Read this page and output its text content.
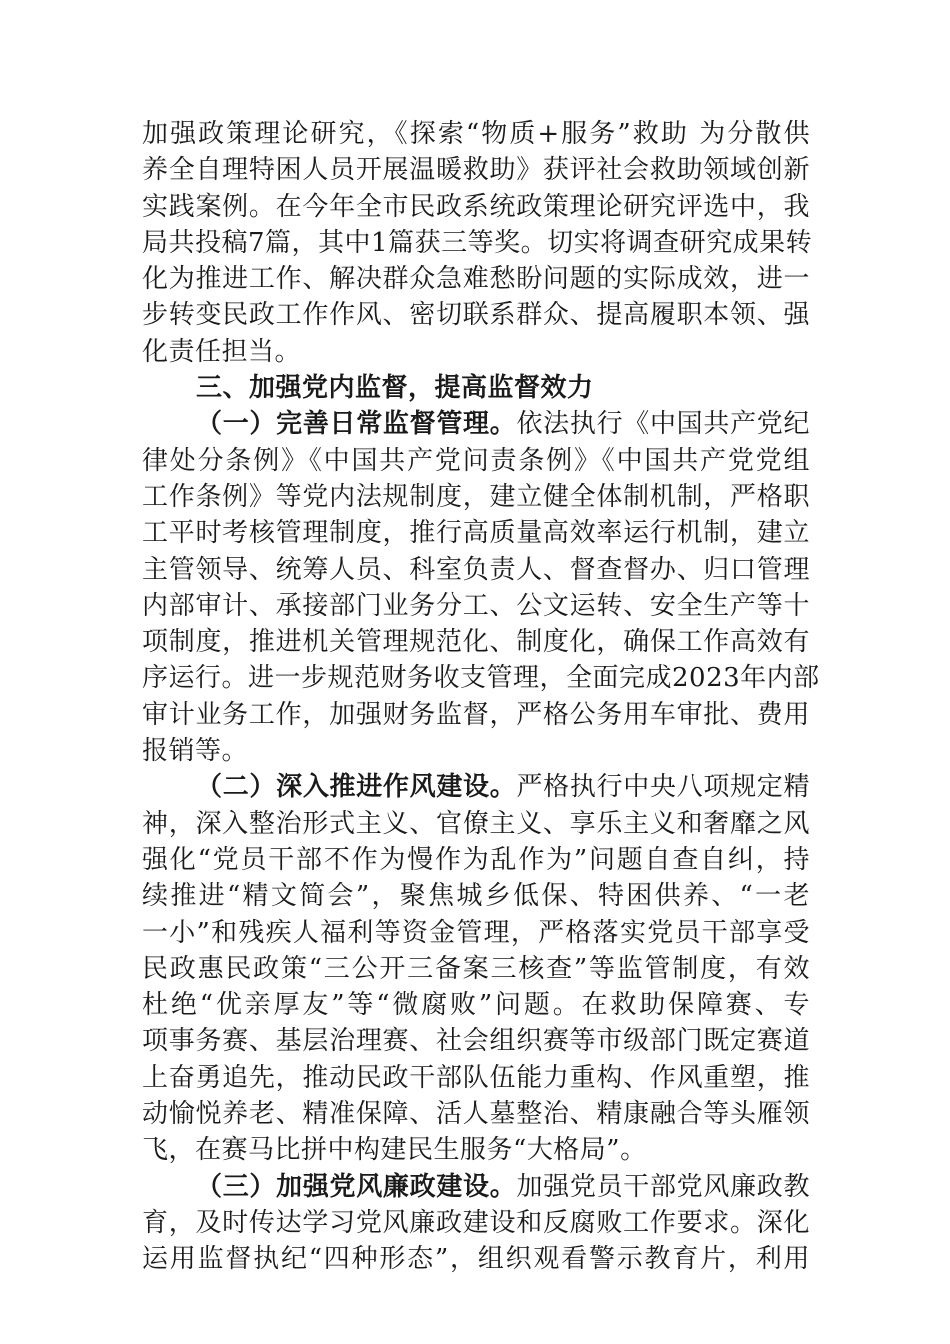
加强政策理论研究，《探索“物质+服务”救助 为分散供
养全自理特困人员开展温暖救助》获评社会救助领域创新
实践案例。在今年全市民政系统政策理论研究评选中，我
局共投稿7篇，其中1篇获三等奖。切实将调查研究成果转
化为推进工作、解决群众急难愁盼问题的实际成效，进一
步转变民政工作作风、密切联系群众、提高履职本领、强
化责任担当。
三、加强党内监督，提高监督效力
（一）完善日常监督管理。依法执行《中国共产党纪
律处分条例》《中国共产党问责条例》《中国共产党党组
工作条例》等党内法规制度，建立健全体制机制，严格职
工平时考核管理制度，推行高质量高效率运行机制，建立
主管领导、统筹人员、科室负责人、督查督办、归口管理
内部审计、承接部门业务分工、公文运转、安全生产等十
项制度，推进机关管理规范化、制度化，确保工作高效有
序运行。进一步规范财务收支管理，全面完成2023年内部
审计业务工作，加强财务监督，严格公务用车审批、费用
报销等。
（二）深入推进作风建设。严格执行中央八项规定精
神，深入整治形式主义、官僚主义、享乐主义和奢靡之风
强化“党员干部不作为慢作为乱作为”问题自查自纠，持
续推进“精文简会”，聚焦城乡低保、特困供养、“一老
一小”和残疾人福利等资金管理，严格落实党员干部享受
民政惠民政策“三公开三备案三核查”等监管制度，有效
杜绝“优亲厚友”等“微腐败”问题。在救助保障赛、专
项事务赛、基层治理赛、社会组织赛等市级部门既定赛道
上奋勇追先，推动民政干部队伍能力重构、作风重塑，推
动愉悦养老、精准保障、活人墓整治、精康融合等头雁领
飞，在赛马比拼中构建民生服务“大格局”。
（三）加强党风廉政建设。加强党员干部党风廉政教
育，及时传达学习党风廉政建设和反腐败工作要求。深化
运用监督执纪“四种形态”，组织观看警示教育片，利用
